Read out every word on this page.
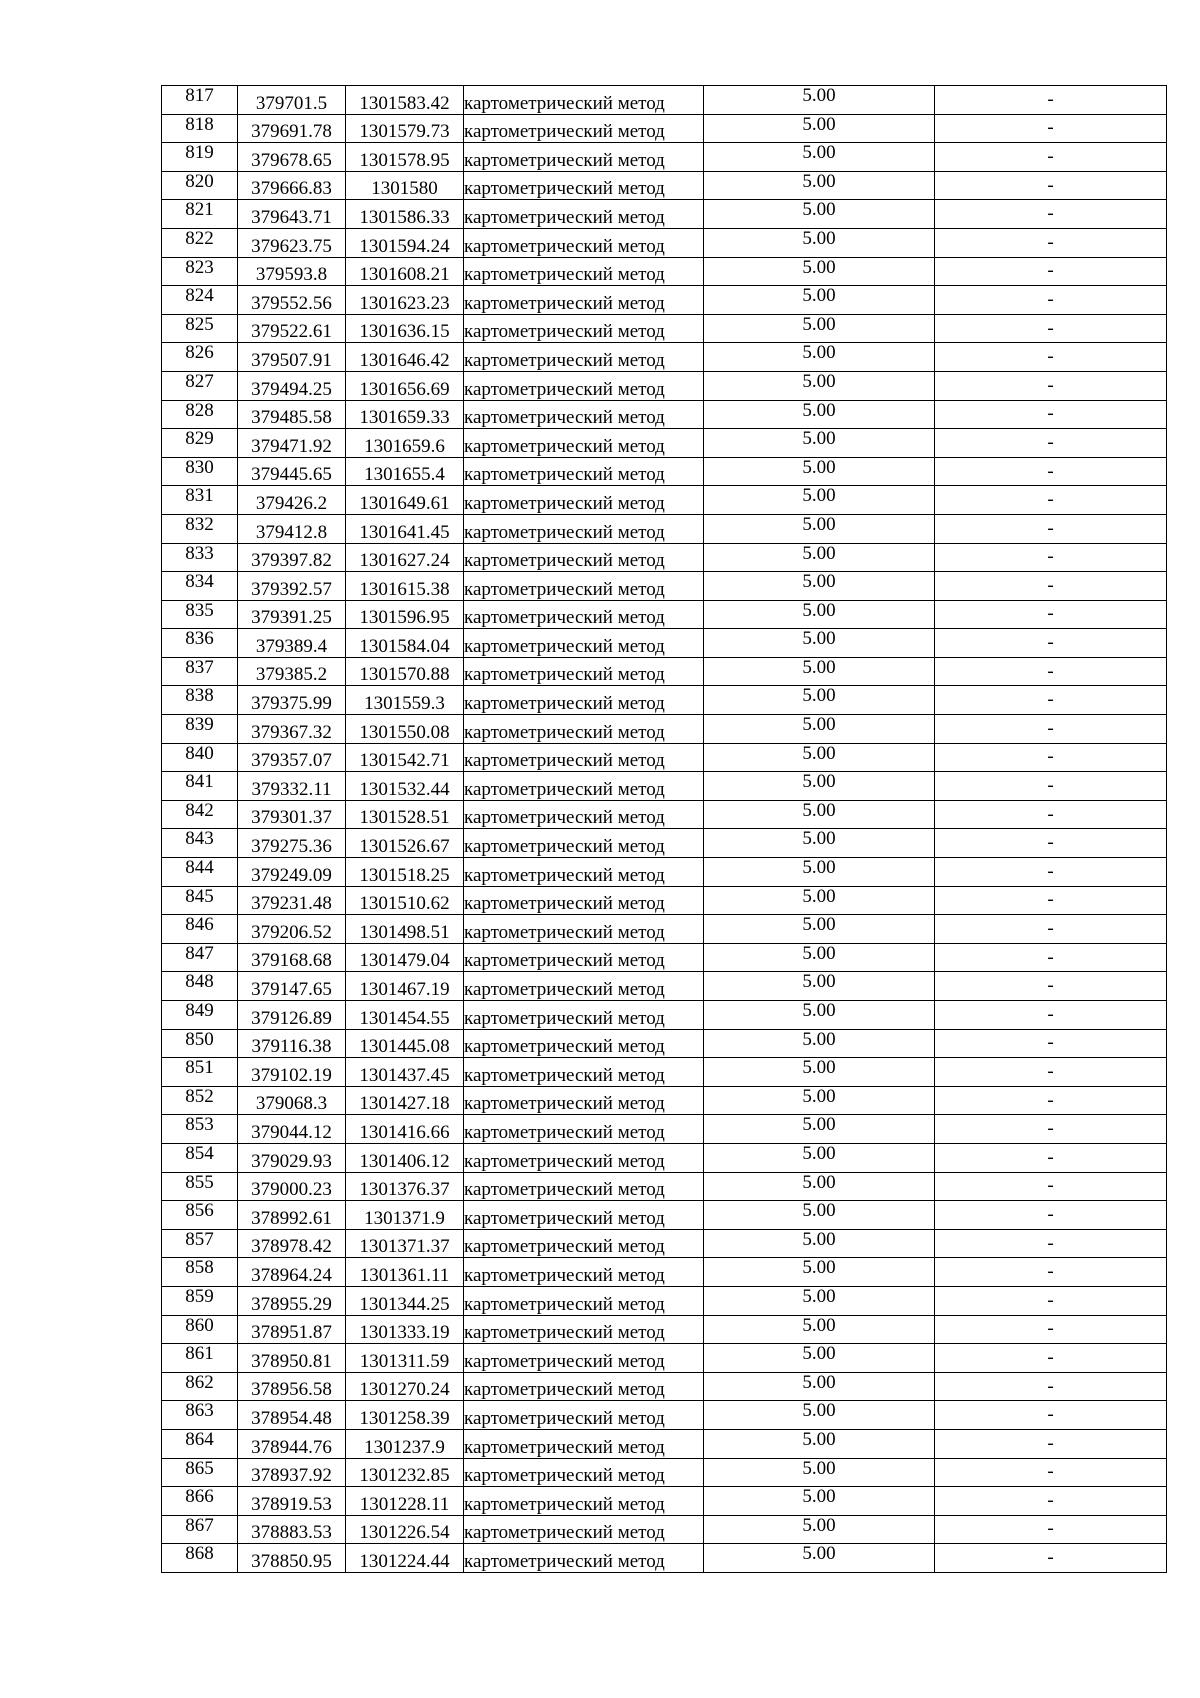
817	379701.5	1301583.42	картометрический метод	5.00	-
818	379691.78	1301579.73	картометрический метод	5.00	-
819	379678.65	1301578.95	картометрический метод	5.00	-
820	379666.83	1301580	картометрический метод	5.00	-
821	379643.71	1301586.33	картометрический метод	5.00	-
822	379623.75	1301594.24	картометрический метод	5.00	-
823	379593.8	1301608.21	картометрический метод	5.00	-
824	379552.56	1301623.23	картометрический метод	5.00	-
825	379522.61	1301636.15	картометрический метод	5.00	-
826	379507.91	1301646.42	картометрический метод	5.00	-
827	379494.25	1301656.69	картометрический метод	5.00	-
828	379485.58	1301659.33	картометрический метод	5.00	-
829	379471.92	1301659.6	картометрический метод	5.00	-
830	379445.65	1301655.4	картометрический метод	5.00	-
831	379426.2	1301649.61	картометрический метод	5.00	-
832	379412.8	1301641.45	картометрический метод	5.00	-
833	379397.82	1301627.24	картометрический метод	5.00	-
834	379392.57	1301615.38	картометрический метод	5.00	-
835	379391.25	1301596.95	картометрический метод	5.00	-
836	379389.4	1301584.04	картометрический метод	5.00	-
837	379385.2	1301570.88	картометрический метод	5.00	-
838	379375.99	1301559.3	картометрический метод	5.00	-
839	379367.32	1301550.08	картометрический метод	5.00	-
840	379357.07	1301542.71	картометрический метод	5.00	-
841	379332.11	1301532.44	картометрический метод	5.00	-
842	379301.37	1301528.51	картометрический метод	5.00	-
843	379275.36	1301526.67	картометрический метод	5.00	-
844	379249.09	1301518.25	картометрический метод	5.00	-
845	379231.48	1301510.62	картометрический метод	5.00	-
846	379206.52	1301498.51	картометрический метод	5.00	-
847	379168.68	1301479.04	картометрический метод	5.00	-
848	379147.65	1301467.19	картометрический метод	5.00	-
849	379126.89	1301454.55	картометрический метод	5.00	-
850	379116.38	1301445.08	картометрический метод	5.00	-
851	379102.19	1301437.45	картометрический метод	5.00	-
852	379068.3	1301427.18	картометрический метод	5.00	-
853	379044.12	1301416.66	картометрический метод	5.00	-
854	379029.93	1301406.12	картометрический метод	5.00	-
855	379000.23	1301376.37	картометрический метод	5.00	-
856	378992.61	1301371.9	картометрический метод	5.00	-
857	378978.42	1301371.37	картометрический метод	5.00	-
858	378964.24	1301361.11	картометрический метод	5.00	-
859	378955.29	1301344.25	картометрический метод	5.00	-
860	378951.87	1301333.19	картометрический метод	5.00	-
861	378950.81	1301311.59	картометрический метод	5.00	-
862	378956.58	1301270.24	картометрический метод	5.00	-
863	378954.48	1301258.39	картометрический метод	5.00	-
864	378944.76	1301237.9	картометрический метод	5.00	-
865	378937.92	1301232.85	картометрический метод	5.00	-
866	378919.53	1301228.11	картометрический метод	5.00	-
867	378883.53	1301226.54	картометрический метод	5.00	-
868	378850.95	1301224.44	картометрический метод	5.00	-
